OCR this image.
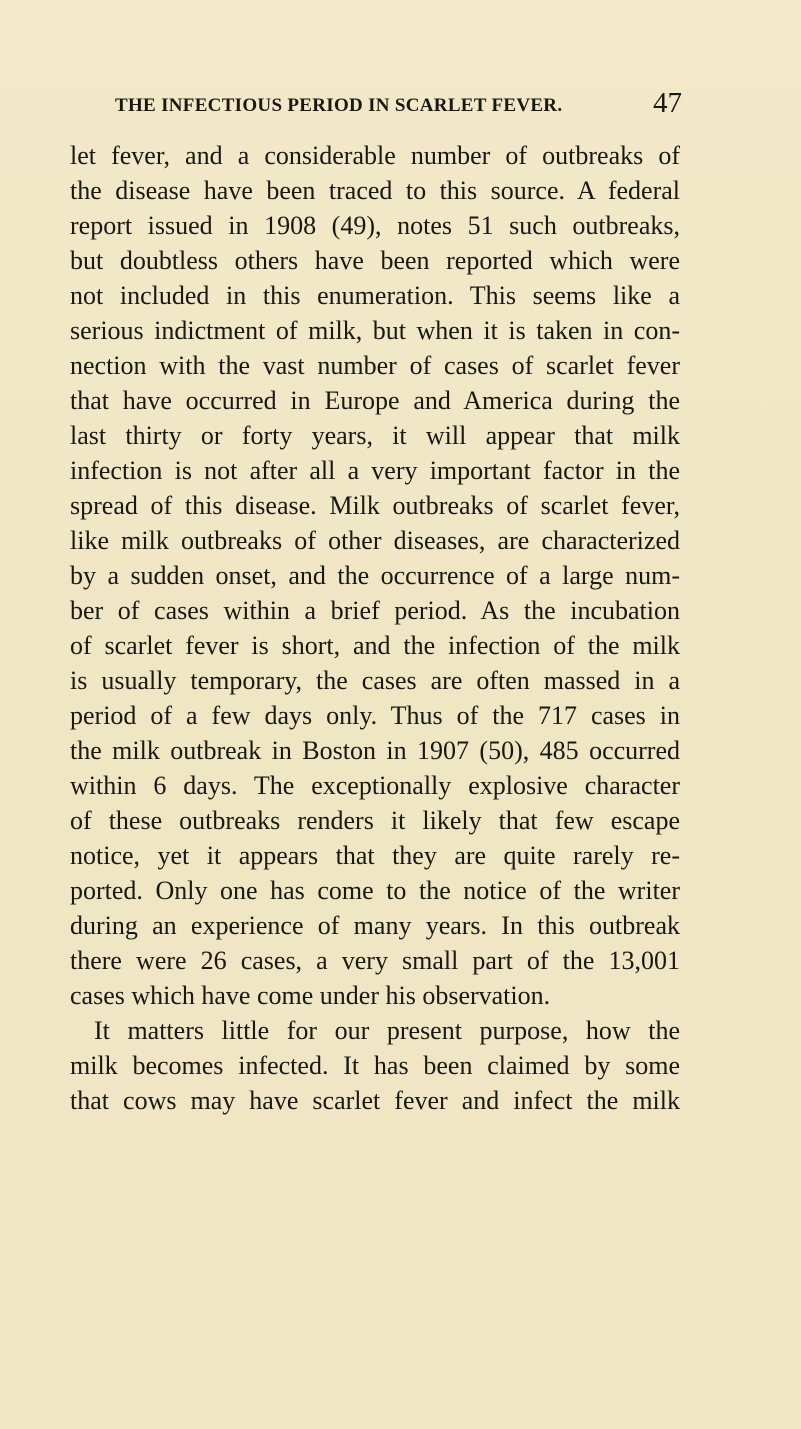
THE INFECTIOUS PERIOD IN SCARLET FEVER.	47
let fever, and a considerable number of outbreaks of
the disease have been traced to this source. A federal
report issued in 1908 (49), notes 51 such outbreaks,
but doubtless others have been reported which were
not included in this enumeration. This seems like a
serious indictment of milk, but when it is taken in con-
nection with the vast number of cases of scarlet fever
that have occurred in Europe and America during the
last thirty or forty years, it will appear that milk
infection is not after all a very important factor in the
spread of this disease. Milk outbreaks of scarlet fever,
like milk outbreaks of other diseases, are characterized
by a sudden onset, and the occurrence of a large num-
ber of cases within a brief period. As the incubation
of scarlet fever is short, and the infection of the milk
is usually temporary, the cases are often massed in a
period of a few days only. Thus of the 717 cases in
the milk outbreak in Boston in 1907 (50), 485 occurred
within 6 days. The exceptionally explosive character
of these outbreaks renders it likely that few escape
notice, yet it appears that they are quite rarely re-
ported. Only one has come to the notice of the writer
during an experience of many years. In this outbreak
there were 26 cases, a very small part of the 13,001
cases which have come under his observation.
It matters little for our present purpose, how the
milk becomes infected. It has been claimed by some
that cows may have scarlet fever and infect the milk
